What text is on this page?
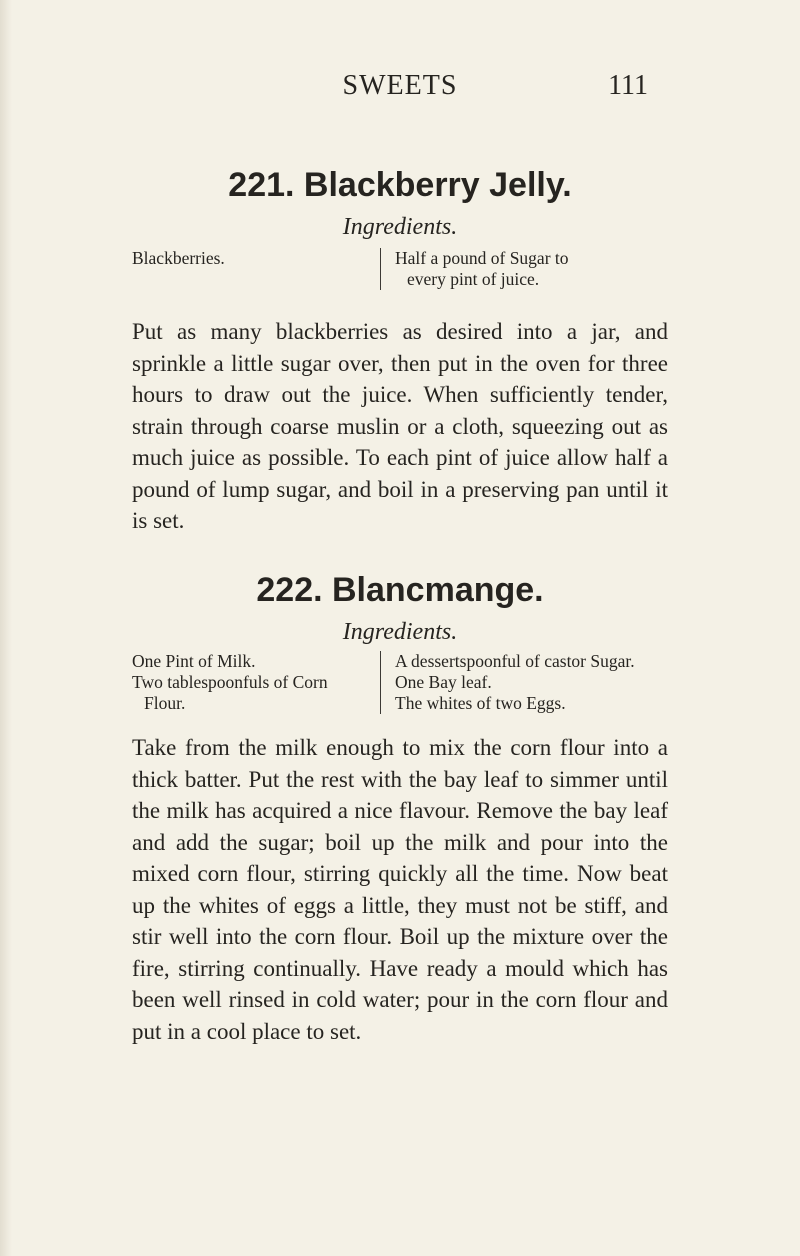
SWEETS	111
221. Blackberry Jelly.
Ingredients.
Blackberries.	Half a pound of Sugar to
every pint of juice.

Put as many blackberries as desired into a jar, and sprinkle a little sugar over, then put in the oven for three hours to draw out the juice. When sufficiently tender, strain through coarse muslin or a cloth, squeezing out as much juice as possible. To each pint of juice allow half a pound of lump sugar, and boil in a preserving pan until it is set.

222. Blancmange.
Ingredients.
One Pint of Milk.
Two tablespoonfuls of Corn
Flour.
A dessertspoonful of castor Sugar.
One Bay leaf.
The whites of two Eggs.

Take from the milk enough to mix the corn flour into a thick batter. Put the rest with the bay leaf to simmer until the milk has acquired a nice flavour. Remove the bay leaf and add the sugar; boil up the milk and pour into the mixed corn flour, stirring quickly all the time. Now beat up the whites of eggs a little, they must not be stiff, and stir well into the corn flour. Boil up the mixture over the fire, stirring continually. Have ready a mould which has been well rinsed in cold water; pour in the corn flour and put in a cool place to set.
